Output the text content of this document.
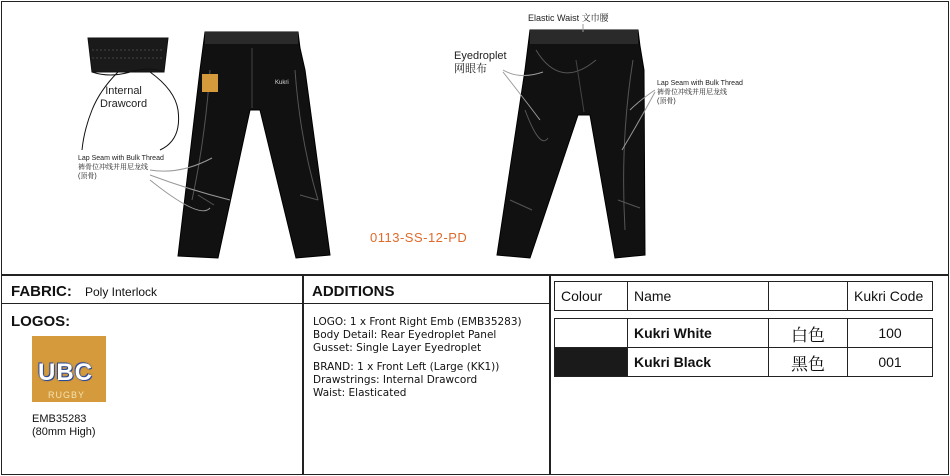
Kukri
Internal
Drawcord
Lap Seam with Bulk Thread
裤骨位冲线并用尼龙线
(顶骨)
Elastic Waist 文巾腰
Eyedroplet
网眼布
Lap Seam with Bulk Thread
裤骨位冲线并用尼龙线
(顶骨)
0113-SS-12-PD
FABRIC: Poly Interlock
LOGOS:
UBC
RUGBY
EMB35283
(80mm High)
ADDITIONS
LOGO: 1 x Front Right Emb (EMB35283)
Body Detail: Rear Eyedroplet Panel
Gusset: Single Layer Eyedroplet
BRAND: 1 x Front Left (Large (KK1))
Drawstrings: Internal Drawcord
Waist: Elasticated
Colour	Name		Kukri Code

	Kukri White	白色	100
	Kukri Black	黑色	001
